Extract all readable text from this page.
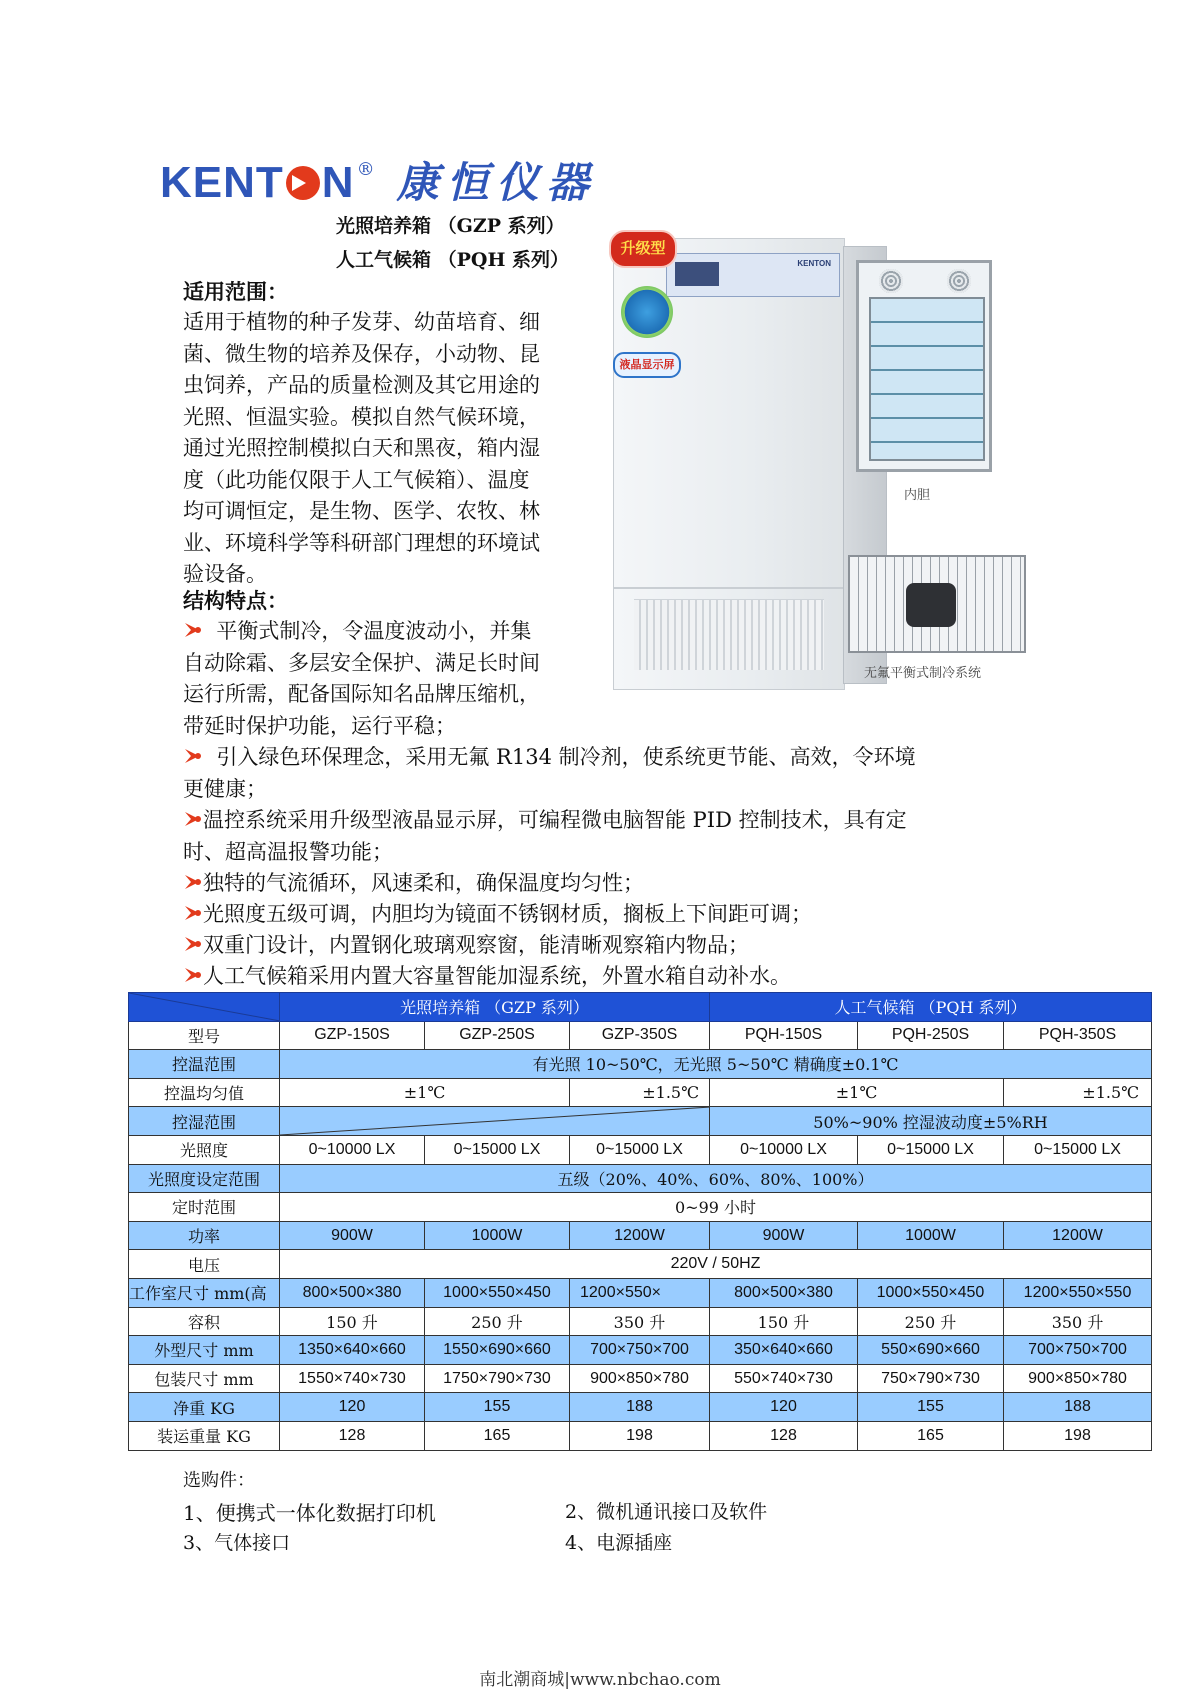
KENT N ® 康恒仪器
光照培养箱 （GZP 系列）
人工气候箱 （PQH 系列）
适用范围：
适用于植物的种子发芽、幼苗培育、细
菌、微生物的培养及保存，小动物、昆
虫饲养，产品的质量检测及其它用途的
光照、恒温实验。模拟自然气候环境，
通过光照控制模拟白天和黑夜，箱内湿
度（此功能仅限于人工气候箱）、温度
均可调恒定，是生物、医学、农牧、林
业、环境科学等科研部门理想的环境试
验设备。
KENTON
升级型
液晶显示屏
内胆
无氟平衡式制冷系统
结构特点：
平衡式制冷，令温度波动小，并集
自动除霜、多层安全保护、满足长时间
运行所需，配备国际知名品牌压缩机，
带延时保护功能，运行平稳；
引入绿色环保理念，采用无氟 R134 制冷剂，使系统更节能、高效，令环境
更健康；
温控系统采用升级型液晶显示屏，可编程微电脑智能 PID 控制技术，具有定
时、超高温报警功能；
独特的气流循环，风速柔和，确保温度均匀性；
光照度五级可调，内胆均为镜面不锈钢材质，搁板上下间距可调；
双重门设计，内置钢化玻璃观察窗，能清晰观察箱内物品；
人工气候箱采用内置大容量智能加湿系统，外置水箱自动补水。
	光照培养箱 （GZP 系列）			人工气候箱 （PQH 系列）		
型号	GZP-150S	GZP-250S	GZP-350S	PQH-150S	PQH-250S	PQH-350S
控温范围	有光照 10~50℃，无光照 5~50℃ 精确度±0.1℃					
控温均匀值	±1℃		±1.5℃	±1℃		±1.5℃
控湿范围				50%~90% 控湿波动度±5%RH		
光照度	0~10000 LX	0~15000 LX	0~15000 LX	0~10000 LX	0~15000 LX	0~15000 LX
光照度设定范围	五级（20%、40%、60%、80%、100%）					
定时范围	0~99 小时					
功率	900W	1000W	1200W	900W	1000W	1200W
电压	220V / 50HZ					
工作室尺寸 mm(高	800×500×380	1000×550×450	1200×550×	800×500×380	1000×550×450	1200×550×550
容积	150 升	250 升	350 升	150 升	250 升	350 升
外型尺寸 mm	1350×640×660	1550×690×660	700×750×700	350×640×660	550×690×660	700×750×700
包装尺寸 mm	1550×740×730	1750×790×730	900×850×780	550×740×730	750×790×730	900×850×780
净重 KG	120	155	188	120	155	188
装运重量 KG	128	165	198	128	165	198
选购件：
1、便携式一体化数据打印机	2、微机通讯接口及软件
3、气体接口	4、电源插座
南北潮商城|www.nbchao.com
